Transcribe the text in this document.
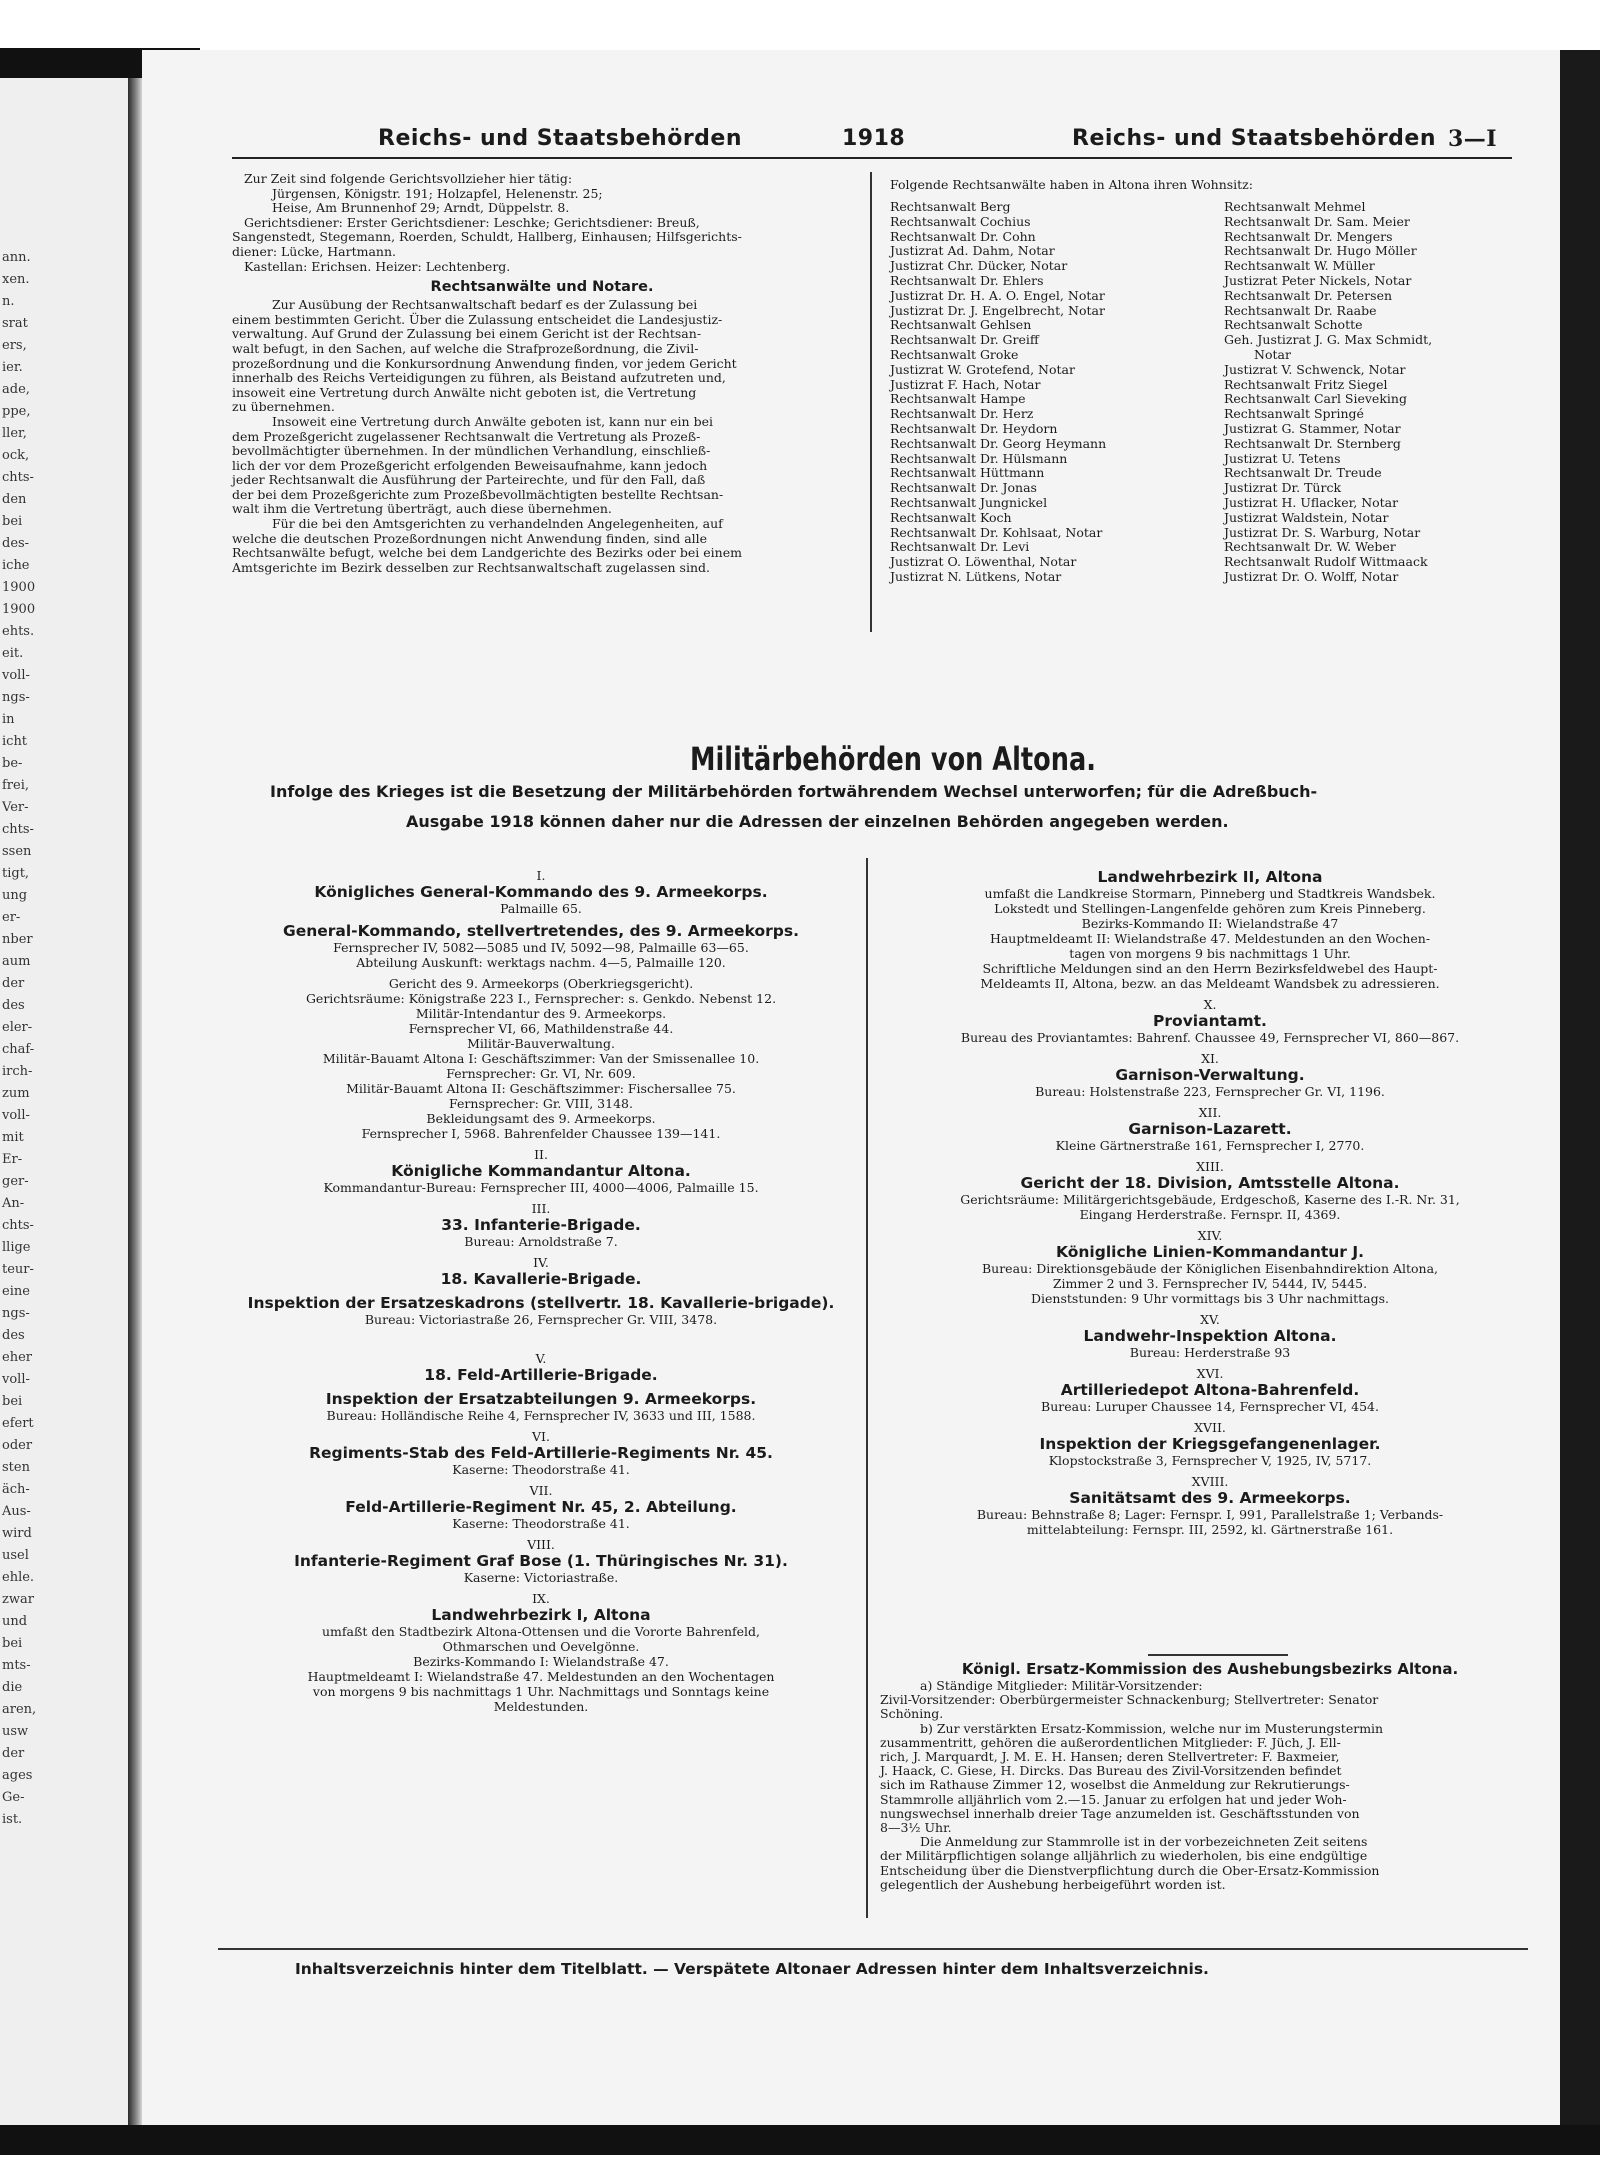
ann.
xen.
n.
srat
ers,
ier.
ade,
ppe,
ller,
ock,
chts-
den
bei
des-
iche
1900
1900
ehts.
eit.
voll-
ngs-
in
icht
be-
frei,
Ver-
chts-
ssen
tigt,
ung
er-
nber
aum
der
des
eler-
chaf-
irch-
zum
voll-
mit
Er-
ger-
An-
chts-
llige
teur-
eine
ngs-
des
eher
voll-
bei
efert
oder
sten
äch-
Aus-
wird
usel
ehle.
zwar
und
bei
mts-
die
aren,
usw
der
ages
Ge-
ist.
Reichs- und Staatsbehörden	1918	Reichs- und Staatsbehörden 3—I
Zur Zeit sind folgende Gerichtsvollzieher hier tätig:
Jürgensen, Königstr. 191; Holzapfel, Helenenstr. 25;
Heise, Am Brunnenhof 29; Arndt, Düppelstr. 8.
Gerichtsdiener: Erster Gerichtsdiener: Leschke; Gerichtsdiener: Breuß,
Sangenstedt, Stegemann, Roerden, Schuldt, Hallberg, Einhausen; Hilfsgerichts-
diener: Lücke, Hartmann.
Kastellan: Erichsen. Heizer: Lechtenberg.
Rechtsanwälte und Notare.
Zur Ausübung der Rechtsanwaltschaft bedarf es der Zulassung bei
einem bestimmten Gericht. Über die Zulassung entscheidet die Landesjustiz-
verwaltung. Auf Grund der Zulassung bei einem Gericht ist der Rechtsan-
walt befugt, in den Sachen, auf welche die Strafprozeßordnung, die Zivil-
prozeßordnung und die Konkursordnung Anwendung finden, vor jedem Gericht
innerhalb des Reichs Verteidigungen zu führen, als Beistand aufzutreten und,
insoweit eine Vertretung durch Anwälte nicht geboten ist, die Vertretung
zu übernehmen.
Insoweit eine Vertretung durch Anwälte geboten ist, kann nur ein bei
dem Prozeßgericht zugelassener Rechtsanwalt die Vertretung als Prozeß-
bevollmächtigter übernehmen. In der mündlichen Verhandlung, einschließ-
lich der vor dem Prozeßgericht erfolgenden Beweisaufnahme, kann jedoch
jeder Rechtsanwalt die Ausführung der Parteirechte, und für den Fall, daß
der bei dem Prozeßgerichte zum Prozeßbevollmächtigten bestellte Rechtsan-
walt ihm die Vertretung überträgt, auch diese übernehmen.
Für die bei den Amtsgerichten zu verhandelnden Angelegenheiten, auf
welche die deutschen Prozeßordnungen nicht Anwendung finden, sind alle
Rechtsanwälte befugt, welche bei dem Landgerichte des Bezirks oder bei einem
Amtsgerichte im Bezirk desselben zur Rechtsanwaltschaft zugelassen sind.
Folgende Rechtsanwälte haben in Altona ihren Wohnsitz:
Rechtsanwalt Berg
Rechtsanwalt Cochius
Rechtsanwalt Dr. Cohn
Justizrat Ad. Dahm, Notar
Justizrat Chr. Dücker, Notar
Rechtsanwalt Dr. Ehlers
Justizrat Dr. H. A. O. Engel, Notar
Justizrat Dr. J. Engelbrecht, Notar
Rechtsanwalt Gehlsen
Rechtsanwalt Dr. Greiff
Rechtsanwalt Groke
Justizrat W. Grotefend, Notar
Justizrat F. Hach, Notar
Rechtsanwalt Hampe
Rechtsanwalt Dr. Herz
Rechtsanwalt Dr. Heydorn
Rechtsanwalt Dr. Georg Heymann
Rechtsanwalt Dr. Hülsmann
Rechtsanwalt Hüttmann
Rechtsanwalt Dr. Jonas
Rechtsanwalt Jungnickel
Rechtsanwalt Koch
Rechtsanwalt Dr. Kohlsaat, Notar
Rechtsanwalt Dr. Levi
Justizrat O. Löwenthal, Notar
Justizrat N. Lütkens, Notar
Rechtsanwalt Mehmel
Rechtsanwalt Dr. Sam. Meier
Rechtsanwalt Dr. Mengers
Rechtsanwalt Dr. Hugo Möller
Rechtsanwalt W. Müller
Justizrat Peter Nickels, Notar
Rechtsanwalt Dr. Petersen
Rechtsanwalt Dr. Raabe
Rechtsanwalt Schotte
Geh. Justizrat J. G. Max Schmidt,
Notar
Justizrat V. Schwenck, Notar
Rechtsanwalt Fritz Siegel
Rechtsanwalt Carl Sieveking
Rechtsanwalt Springé
Justizrat G. Stammer, Notar
Rechtsanwalt Dr. Sternberg
Justizrat U. Tetens
Rechtsanwalt Dr. Treude
Justizrat Dr. Türck
Justizrat H. Uflacker, Notar
Justizrat Waldstein, Notar
Justizrat Dr. S. Warburg, Notar
Rechtsanwalt Dr. W. Weber
Rechtsanwalt Rudolf Wittmaack
Justizrat Dr. O. Wolff, Notar
Militärbehörden von Altona.
Infolge des Krieges ist die Besetzung der Militärbehörden fortwährendem Wechsel unterworfen; für die Adreßbuch-
Ausgabe 1918 können daher nur die Adressen der einzelnen Behörden angegeben werden.
I.
Königliches General-Kommando des 9. Armeekorps.
Palmaille 65.
General-Kommando, stellvertretendes, des 9. Armeekorps.
Fernsprecher IV, 5082—5085 und IV, 5092—98, Palmaille 63—65.
Abteilung Auskunft: werktags nachm. 4—5, Palmaille 120.
Gericht des 9. Armeekorps (Oberkriegsgericht).
Gerichtsräume: Königstraße 223 I., Fernsprecher: s. Genkdo. Nebenst 12.
Militär-Intendantur des 9. Armeekorps.
Fernsprecher VI, 66, Mathildenstraße 44.
Militär-Bauverwaltung.
Militär-Bauamt Altona I: Geschäftszimmer: Van der Smissenallee 10.
Fernsprecher: Gr. VI, Nr. 609.
Militär-Bauamt Altona II: Geschäftszimmer: Fischersallee 75.
Fernsprecher: Gr. VIII, 3148.
Bekleidungsamt des 9. Armeekorps.
Fernsprecher I, 5968. Bahrenfelder Chaussee 139—141.
II.
Königliche Kommandantur Altona.
Kommandantur-Bureau: Fernsprecher III, 4000—4006, Palmaille 15.
III.
33. Infanterie-Brigade.
Bureau: Arnoldstraße 7.
IV.
18. Kavallerie-Brigade.
Inspektion der Ersatzeskadrons (stellvertr. 18. Kavallerie-brigade).
Bureau: Victoriastraße 26, Fernsprecher Gr. VIII, 3478.
V.
18. Feld-Artillerie-Brigade.
Inspektion der Ersatzabteilungen 9. Armeekorps.
Bureau: Holländische Reihe 4, Fernsprecher IV, 3633 und III, 1588.
VI.
Regiments-Stab des Feld-Artillerie-Regiments Nr. 45.
Kaserne: Theodorstraße 41.
VII.
Feld-Artillerie-Regiment Nr. 45, 2. Abteilung.
Kaserne: Theodorstraße 41.
VIII.
Infanterie-Regiment Graf Bose (1. Thüringisches Nr. 31).
Kaserne: Victoriastraße.
IX.
Landwehrbezirk I, Altona
umfaßt den Stadtbezirk Altona-Ottensen und die Vororte Bahrenfeld,
Othmarschen und Oevelgönne.
Bezirks-Kommando I: Wielandstraße 47.
Hauptmeldeamt I: Wielandstraße 47. Meldestunden an den Wochentagen
von morgens 9 bis nachmittags 1 Uhr. Nachmittags und Sonntags keine
Meldestunden.
Landwehrbezirk II, Altona
umfaßt die Landkreise Stormarn, Pinneberg und Stadtkreis Wandsbek.
Lokstedt und Stellingen-Langenfelde gehören zum Kreis Pinneberg.
Bezirks-Kommando II: Wielandstraße 47
Hauptmeldeamt II: Wielandstraße 47. Meldestunden an den Wochen-
tagen von morgens 9 bis nachmittags 1 Uhr.
Schriftliche Meldungen sind an den Herrn Bezirksfeldwebel des Haupt-
Meldeamts II, Altona, bezw. an das Meldeamt Wandsbek zu adressieren.
X.
Proviantamt.
Bureau des Proviantamtes: Bahrenf. Chaussee 49, Fernsprecher VI, 860—867.
XI.
Garnison-Verwaltung.
Bureau: Holstenstraße 223, Fernsprecher Gr. VI, 1196.
XII.
Garnison-Lazarett.
Kleine Gärtnerstraße 161, Fernsprecher I, 2770.
XIII.
Gericht der 18. Division, Amtsstelle Altona.
Gerichtsräume: Militärgerichtsgebäude, Erdgeschoß, Kaserne des I.-R. Nr. 31,
Eingang Herderstraße. Fernspr. II, 4369.
XIV.
Königliche Linien-Kommandantur J.
Bureau: Direktionsgebäude der Königlichen Eisenbahndirektion Altona,
Zimmer 2 und 3. Fernsprecher IV, 5444, IV, 5445.
Dienststunden: 9 Uhr vormittags bis 3 Uhr nachmittags.
XV.
Landwehr-Inspektion Altona.
Bureau: Herderstraße 93
XVI.
Artilleriedepot Altona-Bahrenfeld.
Bureau: Luruper Chaussee 14, Fernsprecher VI, 454.
XVII.
Inspektion der Kriegsgefangenenlager.
Klopstockstraße 3, Fernsprecher V, 1925, IV, 5717.
XVIII.
Sanitätsamt des 9. Armeekorps.
Bureau: Behnstraße 8; Lager: Fernspr. I, 991, Parallelstraße 1; Verbands-
mittelabteilung: Fernspr. III, 2592, kl. Gärtnerstraße 161.
Königl. Ersatz-Kommission des Aushebungsbezirks Altona.
a) Ständige Mitglieder: Militär-Vorsitzender:
Zivil-Vorsitzender: Oberbürgermeister Schnackenburg; Stellvertreter: Senator
Schöning.
b) Zur verstärkten Ersatz-Kommission, welche nur im Musterungstermin
zusammentritt, gehören die außerordentlichen Mitglieder: F. Jüch, J. Ell-
rich, J. Marquardt, J. M. E. H. Hansen; deren Stellvertreter: F. Baxmeier,
J. Haack, C. Giese, H. Dircks. Das Bureau des Zivil-Vorsitzenden befindet
sich im Rathause Zimmer 12, woselbst die Anmeldung zur Rekrutierungs-
Stammrolle alljährlich vom 2.—15. Januar zu erfolgen hat und jeder Woh-
nungswechsel innerhalb dreier Tage anzumelden ist. Geschäftsstunden von
8—3½ Uhr.
Die Anmeldung zur Stammrolle ist in der vorbezeichneten Zeit seitens
der Militärpflichtigen solange alljährlich zu wiederholen, bis eine endgültige
Entscheidung über die Dienstverpflichtung durch die Ober-Ersatz-Kommission
gelegentlich der Aushebung herbeigeführt worden ist.
Inhaltsverzeichnis hinter dem Titelblatt. — Verspätete Altonaer Adressen hinter dem Inhaltsverzeichnis.
